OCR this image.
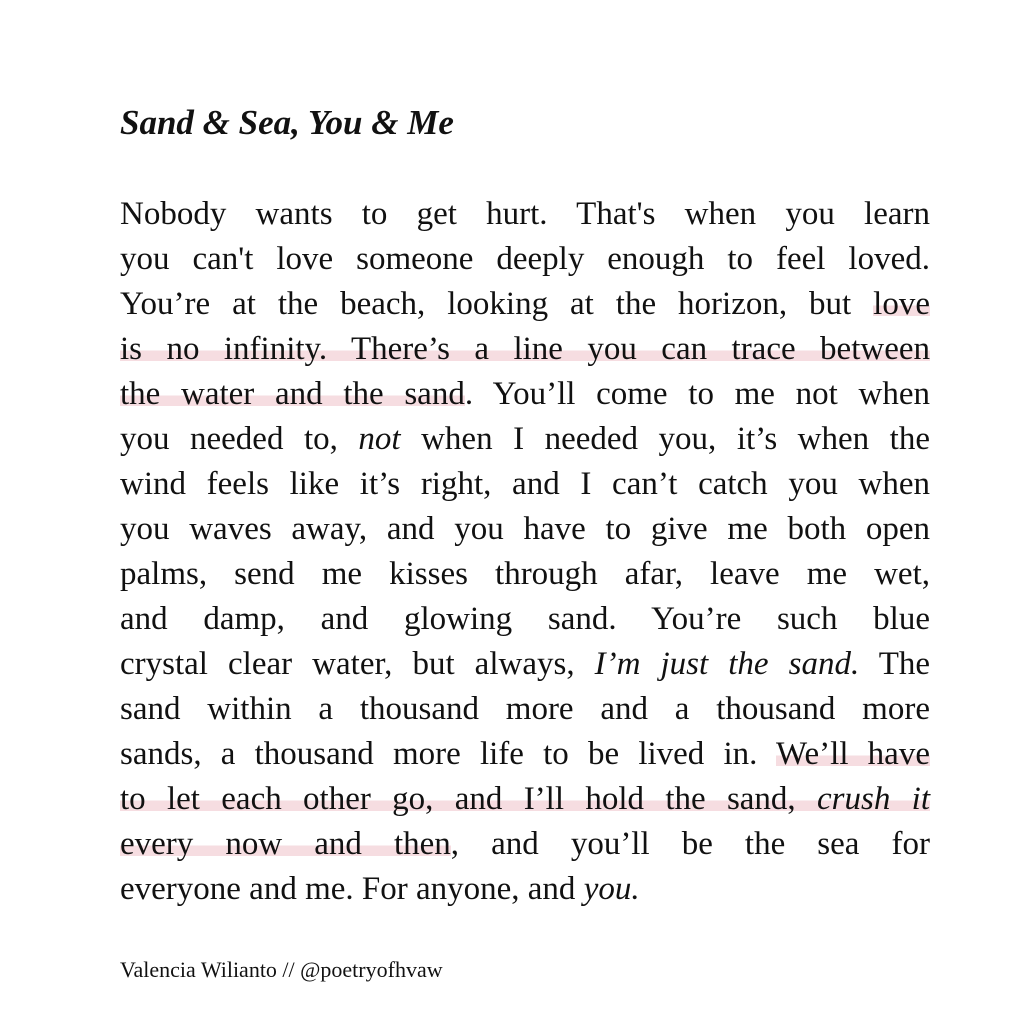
Sand & Sea, You & Me
Nobody wants to get hurt. That's when you learn
you can't love someone deeply enough to feel loved.
You’re at the beach, looking at the horizon, but love
is no infinity. There’s a line you can trace between
the water and the sand. You’ll come to me not when
you needed to, not when I needed you, it’s when the
wind feels like it’s right, and I can’t catch you when
you waves away, and you have to give me both open
palms, send me kisses through afar, leave me wet,
and damp, and glowing sand. You’re such blue
crystal clear water, but always, I’m just the sand. The
sand within a thousand more and a thousand more
sands, a thousand more life to be lived in. We’ll have
to let each other go, and I’ll hold the sand, crush it
every now and then, and you’ll be the sea for
everyone and me. For anyone, and you.

Valencia Wilianto // @poetryofhvaw
